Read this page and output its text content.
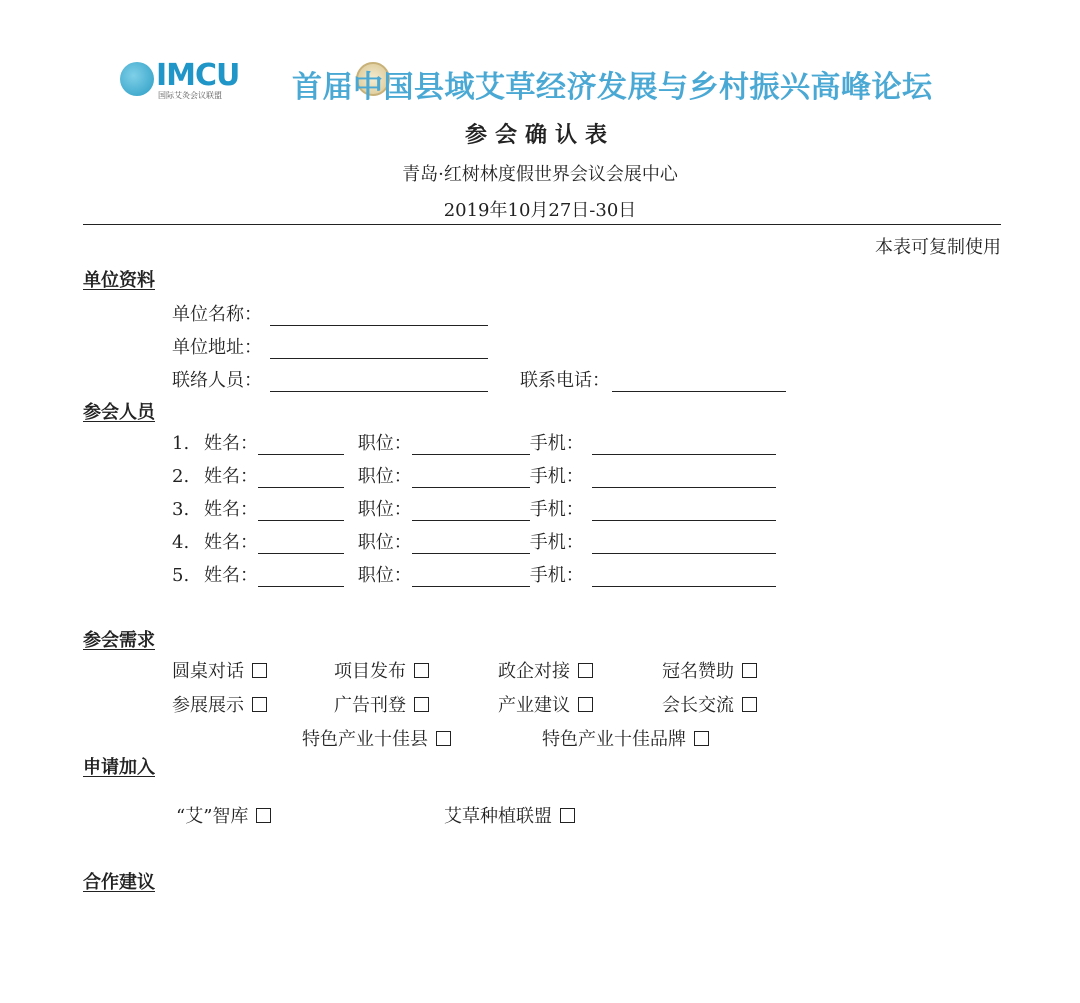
IMCU
国际艾灸会议联盟 首届中国县域艾草经济发展与乡村振兴高峰论坛
参会确认表
青岛·红树林度假世界会议会展中心
2019年10月27日-30日
本表可复制使用
单位资料
单位名称：
单位地址：
联络人员：	联系电话：
参会人员
1. 姓名：	职位：	手机：
2. 姓名：	职位：	手机：
3. 姓名：	职位：	手机：
4. 姓名：	职位：	手机：
5. 姓名：	职位：	手机：
参会需求
圆桌对话	项目发布	政企对接	冠名赞助
参展展示	广告刊登	产业建议	会长交流
特色产业十佳县	特色产业十佳品牌
申请加入
“艾”智库	艾草种植联盟
合作建议
